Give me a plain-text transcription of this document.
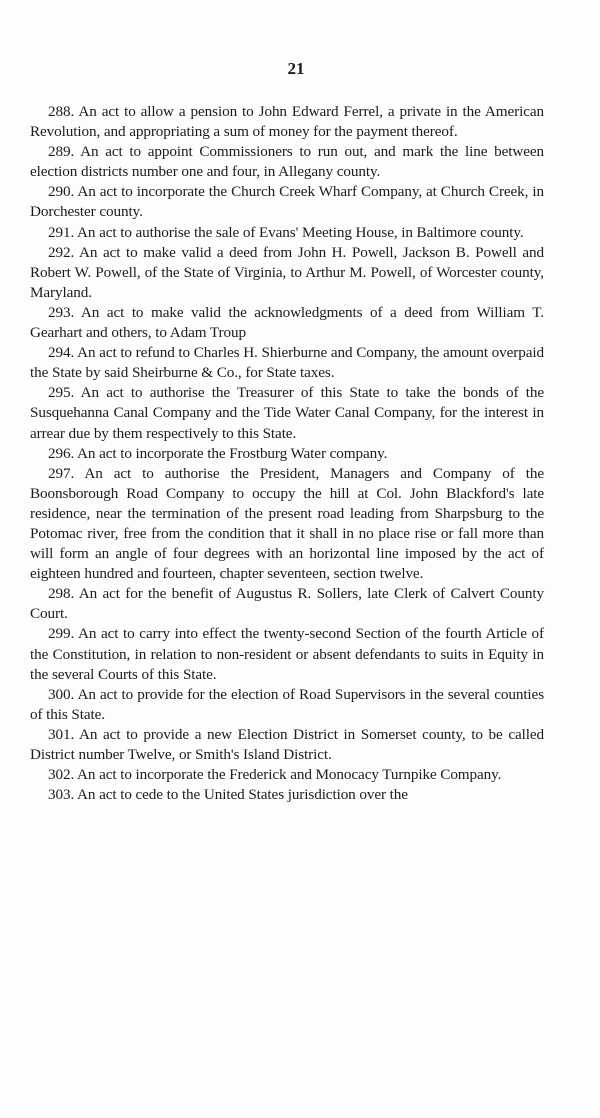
21

288. An act to allow a pension to John Edward Ferrel, a private in the American Revolution, and appropriating a sum of money for the payment thereof.

289. An act to appoint Commissioners to run out, and mark the line between election districts number one and four, in Allegany county.

290. An act to incorporate the Church Creek Wharf Company, at Church Creek, in Dorchester county.

291. An act to authorise the sale of Evans' Meeting House, in Baltimore county.

292. An act to make valid a deed from John H. Powell, Jackson B. Powell and Robert W. Powell, of the State of Virginia, to Arthur M. Powell, of Worcester county, Maryland.

293. An act to make valid the acknowledgments of a deed from William T. Gearhart and others, to Adam Troup

294. An act to refund to Charles H. Shierburne and Company, the amount overpaid the State by said Sheirburne & Co., for State taxes.

295. An act to authorise the Treasurer of this State to take the bonds of the Susquehanna Canal Company and the Tide Water Canal Company, for the interest in arrear due by them respectively to this State.

296. An act to incorporate the Frostburg Water company.

297. An act to authorise the President, Managers and Company of the Boonsborough Road Company to occupy the hill at Col. John Blackford's late residence, near the termination of the present road leading from Sharpsburg to the Potomac river, free from the condition that it shall in no place rise or fall more than will form an angle of four degrees with an horizontal line imposed by the act of eighteen hundred and fourteen, chapter seventeen, section twelve.

298. An act for the benefit of Augustus R. Sollers, late Clerk of Calvert County Court.

299. An act to carry into effect the twenty-second Section of the fourth Article of the Constitution, in relation to non-resident or absent defendants to suits in Equity in the several Courts of this State.

300. An act to provide for the election of Road Supervisors in the several counties of this State.

301. An act to provide a new Election District in Somerset county, to be called District number Twelve, or Smith's Island District.

302. An act to incorporate the Frederick and Monocacy Turnpike Company.

303. An act to cede to the United States jurisdiction over the
